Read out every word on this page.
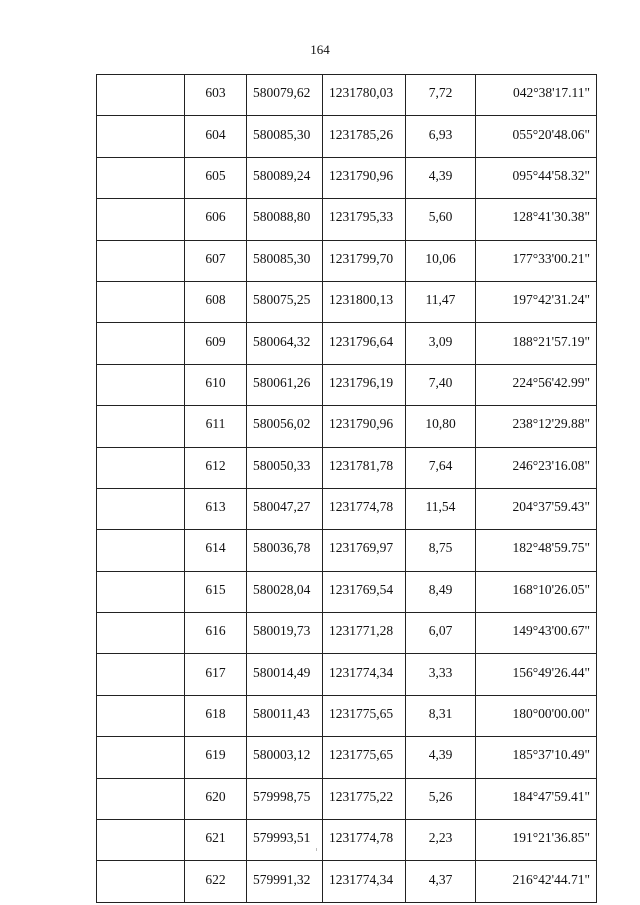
164
	603	580079,62	1231780,03	7,72	042°38'17.11"
	604	580085,30	1231785,26	6,93	055°20'48.06"
	605	580089,24	1231790,96	4,39	095°44'58.32"
	606	580088,80	1231795,33	5,60	128°41'30.38"
	607	580085,30	1231799,70	10,06	177°33'00.21"
	608	580075,25	1231800,13	11,47	197°42'31.24"
	609	580064,32	1231796,64	3,09	188°21'57.19"
	610	580061,26	1231796,19	7,40	224°56'42.99"
	611	580056,02	1231790,96	10,80	238°12'29.88"
	612	580050,33	1231781,78	7,64	246°23'16.08"
	613	580047,27	1231774,78	11,54	204°37'59.43"
	614	580036,78	1231769,97	8,75	182°48'59.75"
	615	580028,04	1231769,54	8,49	168°10'26.05"
	616	580019,73	1231771,28	6,07	149°43'00.67"
	617	580014,49	1231774,34	3,33	156°49'26.44"
	618	580011,43	1231775,65	8,31	180°00'00.00"
	619	580003,12	1231775,65	4,39	185°37'10.49"
	620	579998,75	1231775,22	5,26	184°47'59.41"
	621	579993,51	1231774,78	2,23	191°21'36.85"
	622	579991,32	1231774,34	4,37	216°42'44.71"
